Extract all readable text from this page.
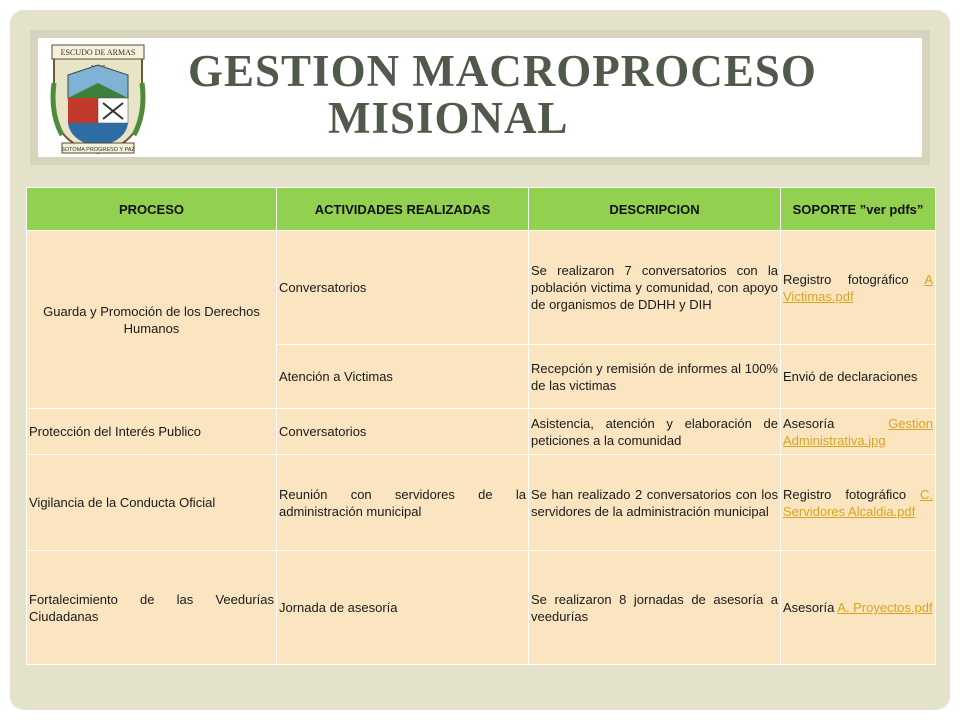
ESCUDO DE ARMAS
SOTOMA PROGRESO Y PAZ
GESTION MACROPROCESO
MISIONAL
PROCESO	ACTIVIDADES REALIZADAS	DESCRIPCION	SOPORTE ”ver pdfs”
Guarda y Promoción de los Derechos Humanos	Conversatorios	Se realizaron 7 conversatorios con la población victima y comunidad, con apoyo de organismos de DDHH y DIH	Registro fotográfico A Victimas.pdf
	Atención a Victimas	Recepción y remisión de informes al 100% de las victimas	Envió de declaraciones
Protección del Interés Publico	Conversatorios	Asistencia, atención y elaboración de peticiones a la comunidad	Asesoría Gestion Administrativa.jpg
Vigilancia de la Conducta Oficial	Reunión con servidores de la administración municipal	Se han realizado 2 conversatorios con los servidores de la administración municipal	Registro fotográfico C. Servidores Alcaldia.pdf
Fortalecimiento de las Veedurías Ciudadanas	Jornada de asesoría	Se realizaron 8 jornadas de asesoría a veedurías	Asesoría A. Proyectos.pdf
